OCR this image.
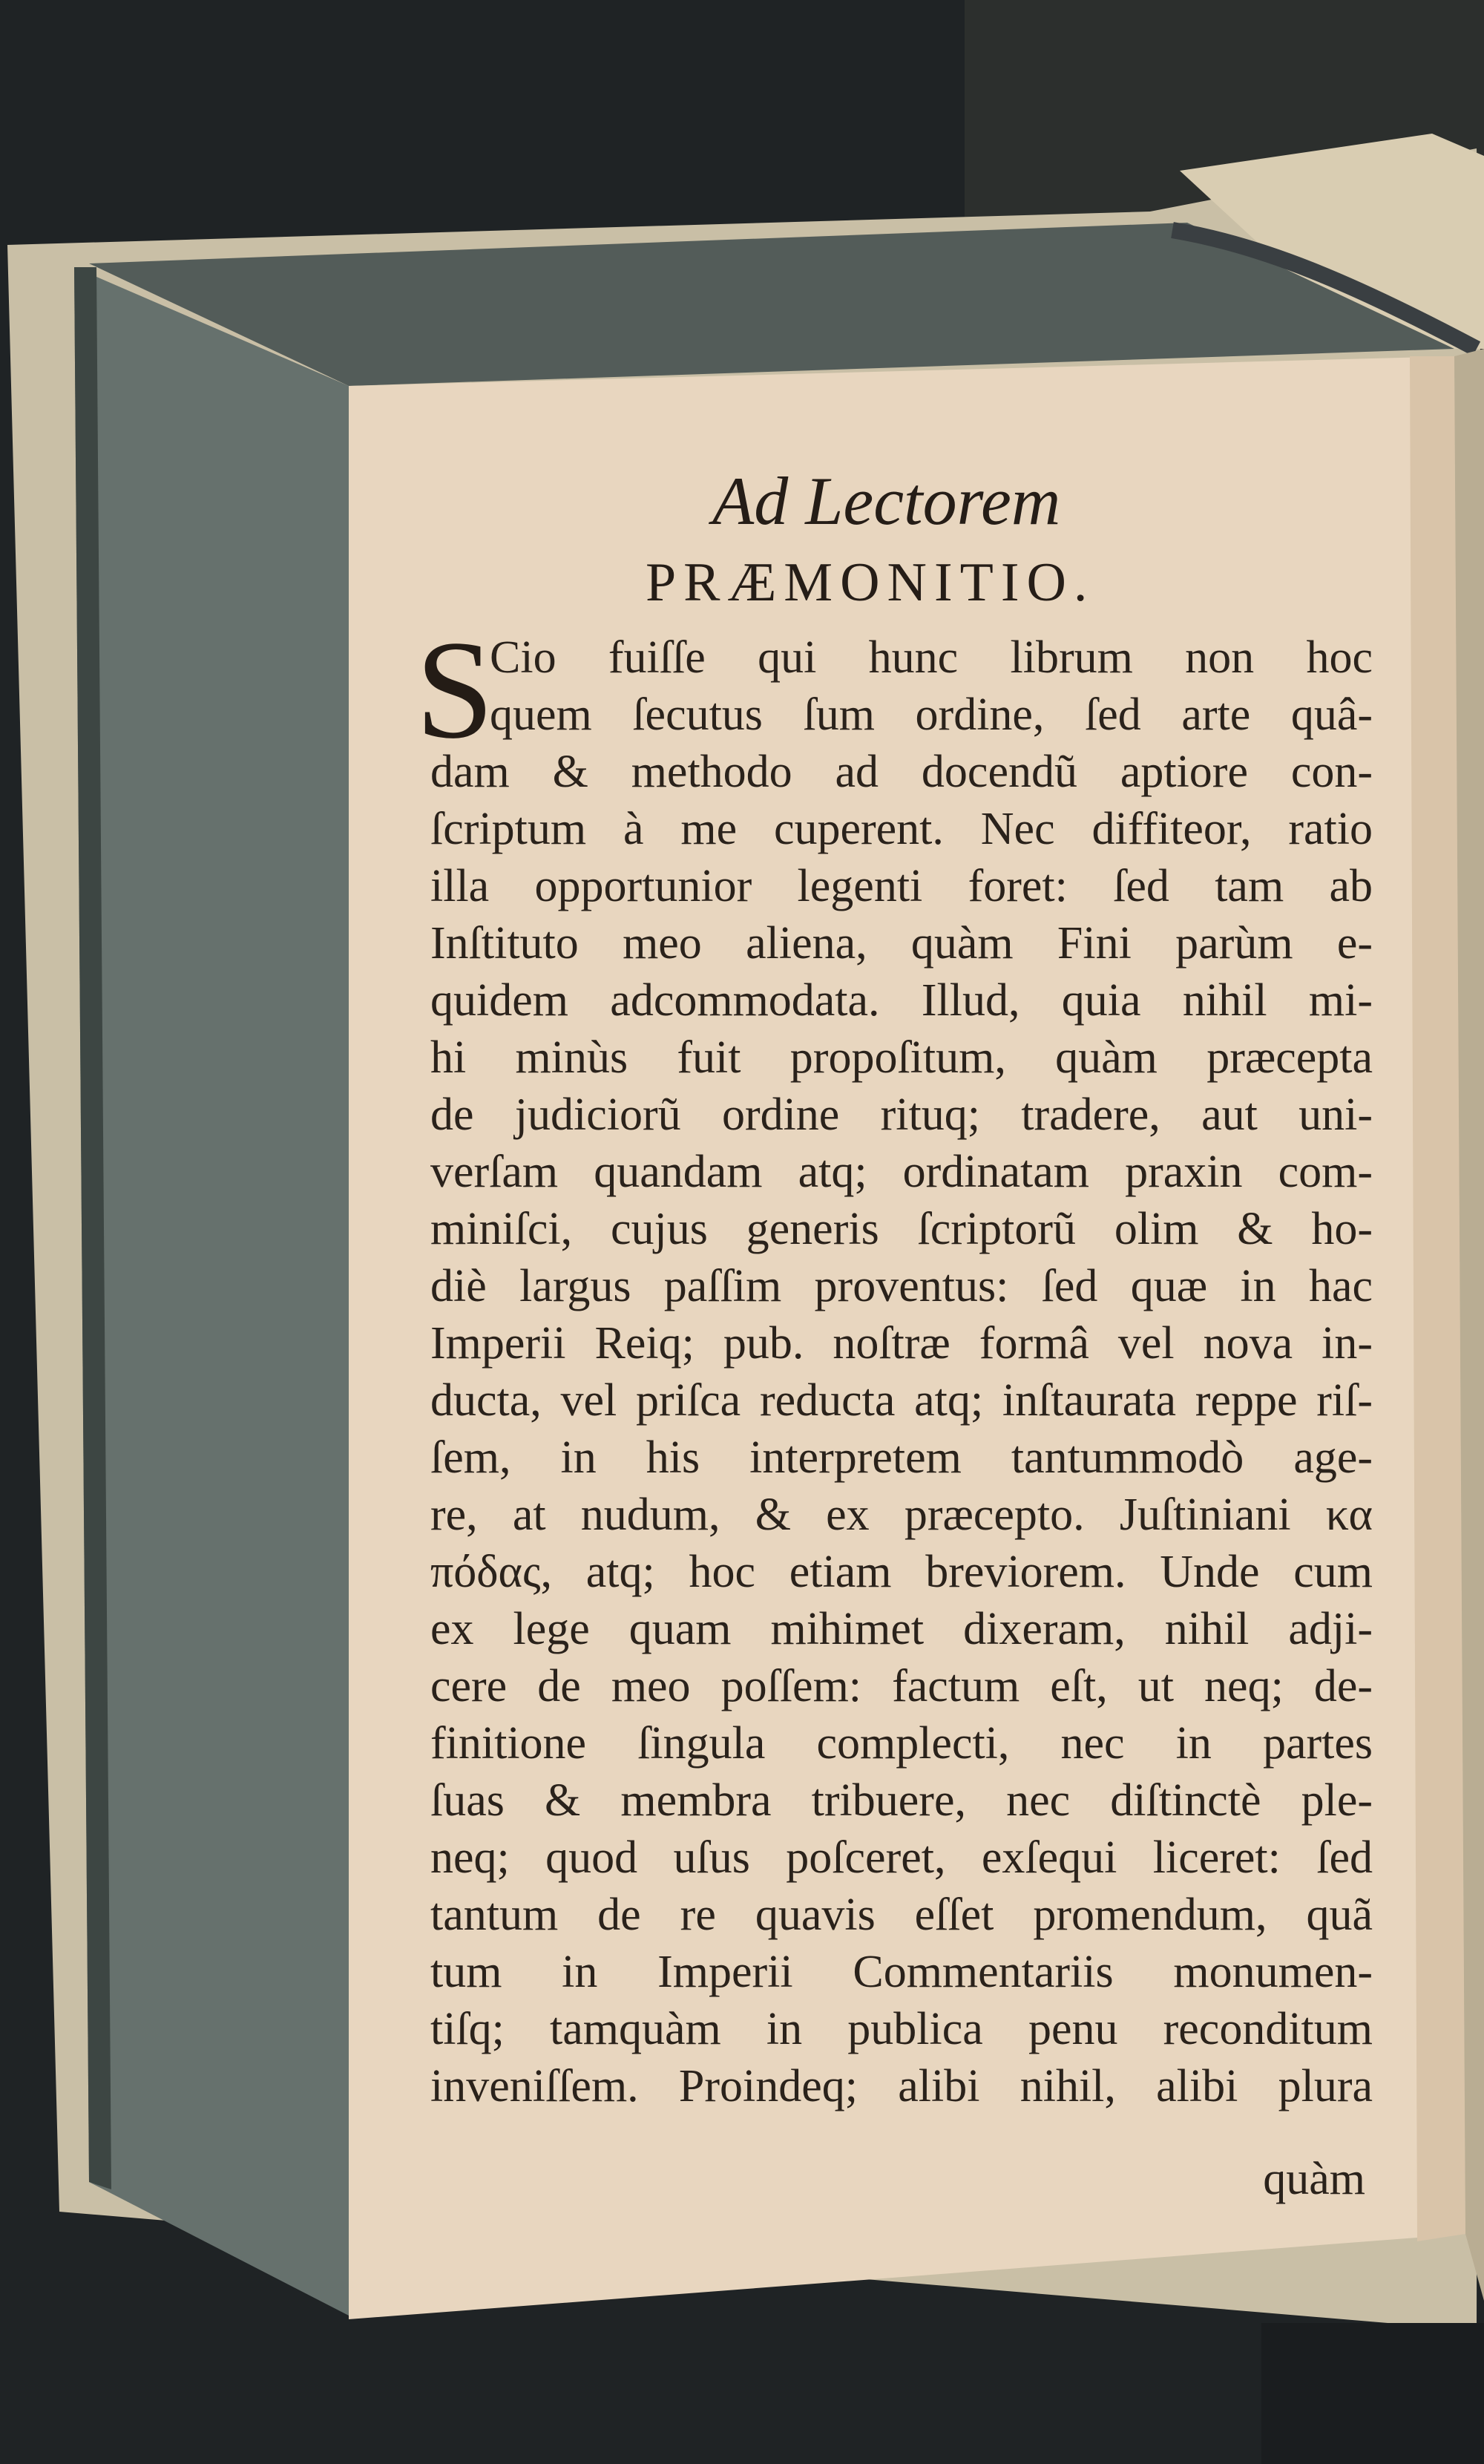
Ad Lectorem
PRÆMONITIO.
S
Cio fuiſſe qui hunc librum non hoc
quem ſecutus ſum ordine, ſed arte quâ-
dam & methodo ad docendũ aptiore con-
ſcriptum à me cuperent. Nec diffiteor, ratio
illa opportunior legenti foret: ſed tam ab
Inſtituto meo aliena, quàm Fini parùm e-
quidem adcommodata. Illud, quia nihil mi-
hi minùs fuit propoſitum, quàm præcepta
de judiciorũ ordine rituq; tradere, aut uni-
verſam quandam atq; ordinatam praxin com-
miniſci, cujus generis ſcriptorũ olim & ho-
diè largus paſſim proventus: ſed quæ in hac
Imperii Reiq; pub. noſtræ formâ vel nova in-
ducta, vel priſca reducta atq; inſtaurata reppe riſ-
ſem, in his interpretem tantummodò age-
re, at nudum, & ex præcepto. Juſtiniani κα
πόδας, atq; hoc etiam breviorem. Unde cum
ex lege quam mihimet dixeram, nihil adji-
cere de meo poſſem: factum eſt, ut neq; de-
finitione ſingula complecti, nec in partes
ſuas & membra tribuere, nec diſtinctè ple-
neq; quod uſus poſceret, exſequi liceret: ſed
tantum de re quavis eſſet promendum, quã
tum in Imperii Commentariis monumen-
tiſq; tamquàm in publica penu reconditum
inveniſſem. Proindeq; alibi nihil, alibi plura
quàm
